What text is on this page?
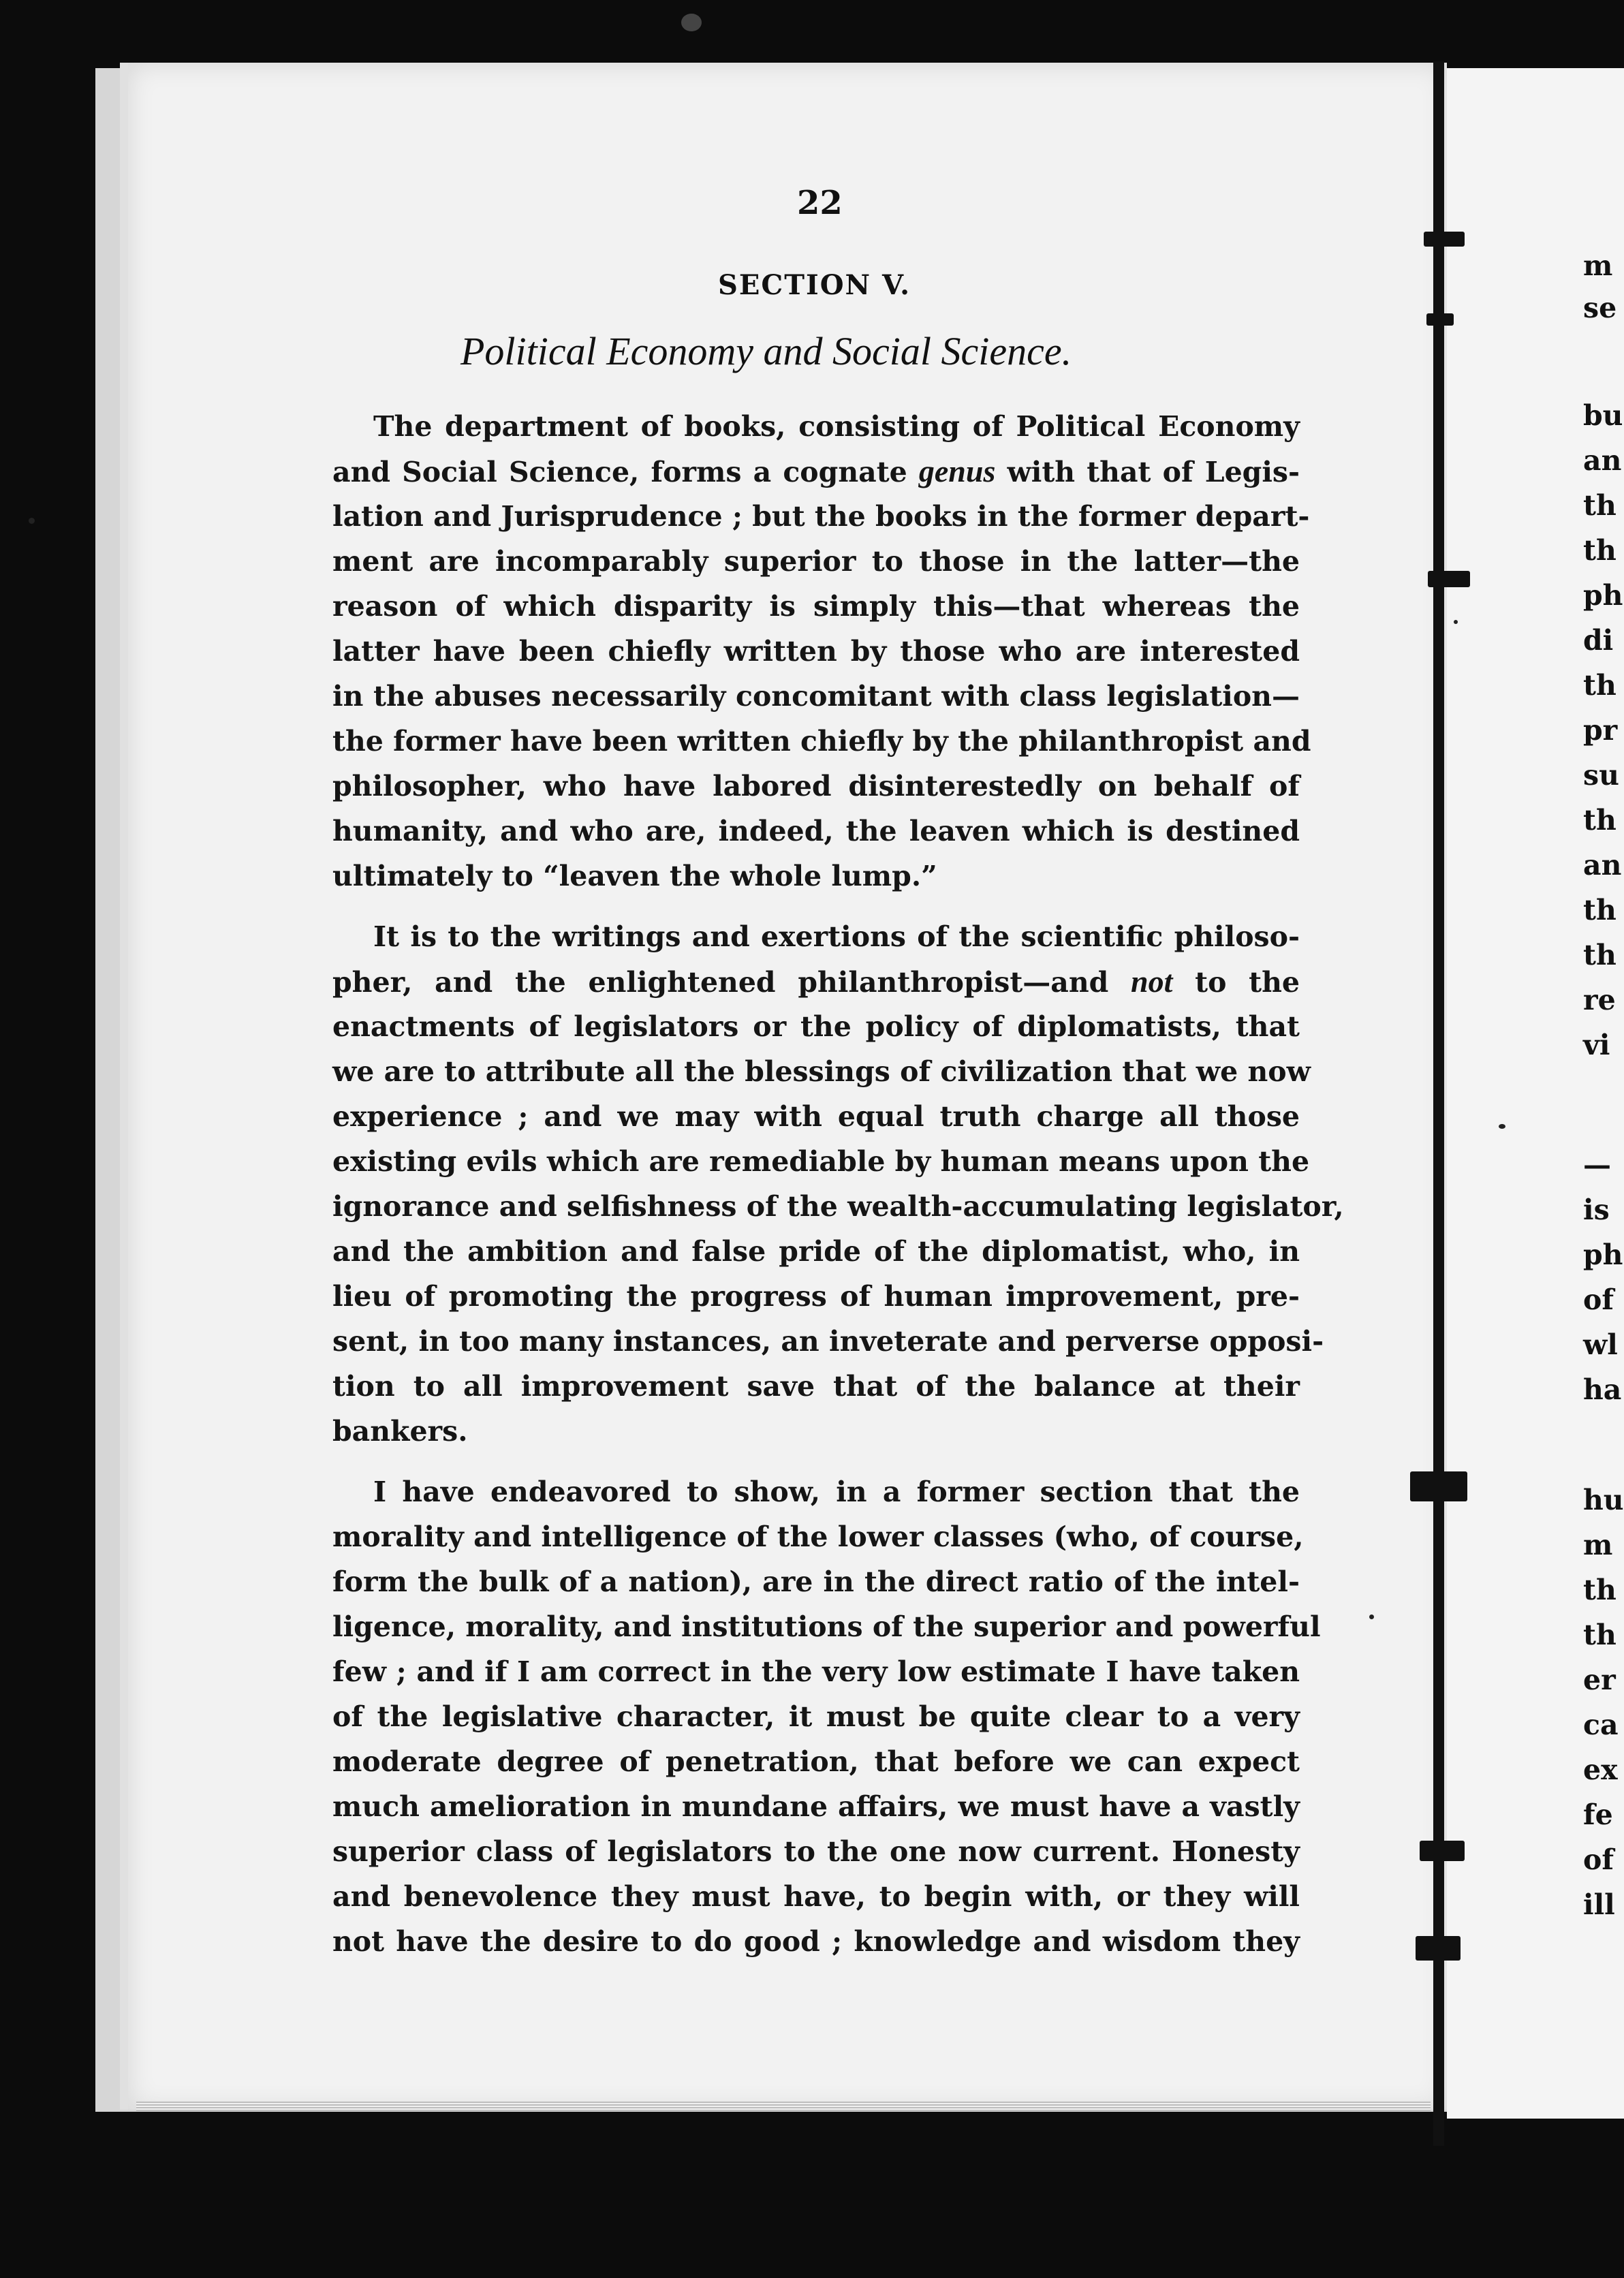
m
se
bu
an
th
th
ph
di
th
pr
su
th
an
th
th
re
vi
—
is
ph
of
wl
ha
hu
m
th
th
er
ca
ex
fe
of
ill
22
SECTION V.
Political Economy and Social Science.
The department of books, consisting of Political Economy
and Social Science, forms a cognate genus with that of Legis-
lation and Jurisprudence ; but the books in the former depart-
ment are incomparably superior to those in the latter—the
reason of which disparity is simply this—that whereas the
latter have been chiefly written by those who are interested
in the abuses necessarily concomitant with class legislation—
the former have been written chiefly by the philanthropist and
philosopher, who have labored disinterestedly on behalf of
humanity, and who are, indeed, the leaven which is destined
ultimately to “leaven the whole lump.”
It is to the writings and exertions of the scientific philoso-
pher, and the enlightened philanthropist—and not to the
enactments of legislators or the policy of diplomatists, that
we are to attribute all the blessings of civilization that we now
experience ; and we may with equal truth charge all those
existing evils which are remediable by human means upon the
ignorance and selfishness of the wealth-accumulating legislator,
and the ambition and false pride of the diplomatist, who, in
lieu of promoting the progress of human improvement, pre-
sent, in too many instances, an inveterate and perverse opposi-
tion to all improvement save that of the balance at their
bankers.
I have endeavored to show, in a former section that the
morality and intelligence of the lower classes (who, of course,
form the bulk of a nation), are in the direct ratio of the intel-
ligence, morality, and institutions of the superior and powerful
few ; and if I am correct in the very low estimate I have taken
of the legislative character, it must be quite clear to a very
moderate degree of penetration, that before we can expect
much amelioration in mundane affairs, we must have a vastly
superior class of legislators to the one now current. Honesty
and benevolence they must have, to begin with, or they will
not have the desire to do good ; knowledge and wisdom they
